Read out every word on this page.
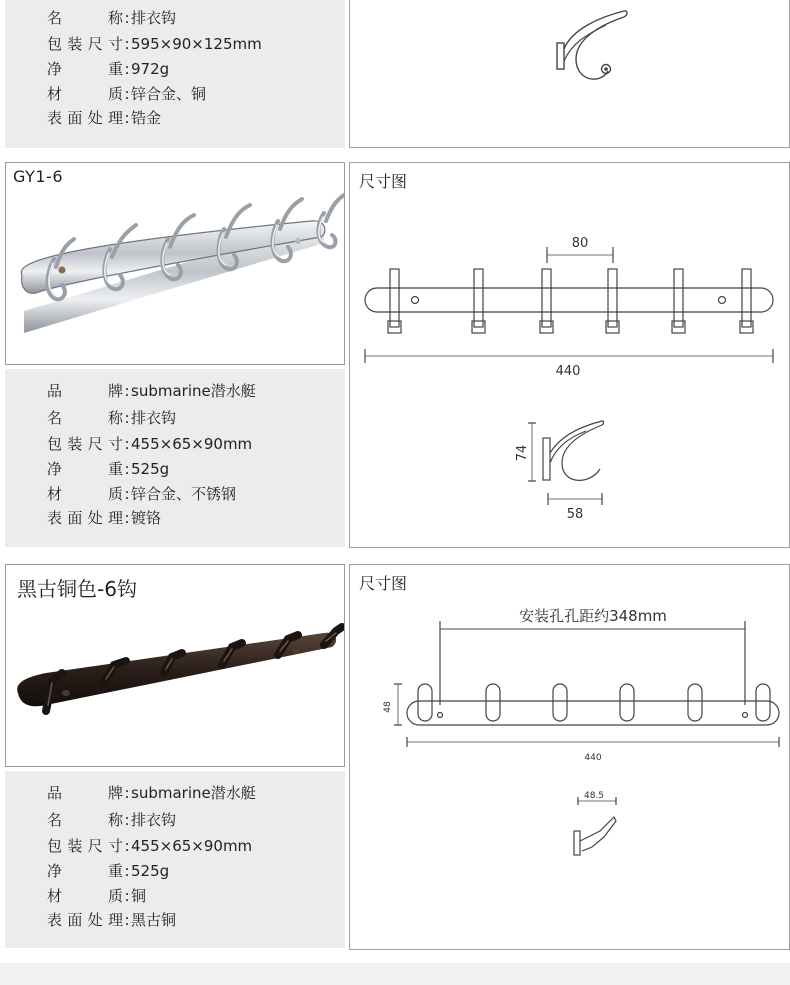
名　　称:排衣钩
包装尺寸:595×90×125mm
净　　重:972g
材　　质:锌合金、铜
表面处理:锆金
GY1-6
品　　牌:submarine潜水艇
名　　称:排衣钩
包装尺寸:455×65×90mm
净　　重:525g
材　　质:锌合金、不锈钢
表面处理:镀铬
尺寸图
80
440
74
58
黑古铜色-6钩
品　　牌:submarine潜水艇
名　　称:排衣钩
包装尺寸:455×65×90mm
净　　重:525g
材　　质:铜
表面处理:黑古铜
尺寸图
安装孔孔距约348mm
48
440
48.5
